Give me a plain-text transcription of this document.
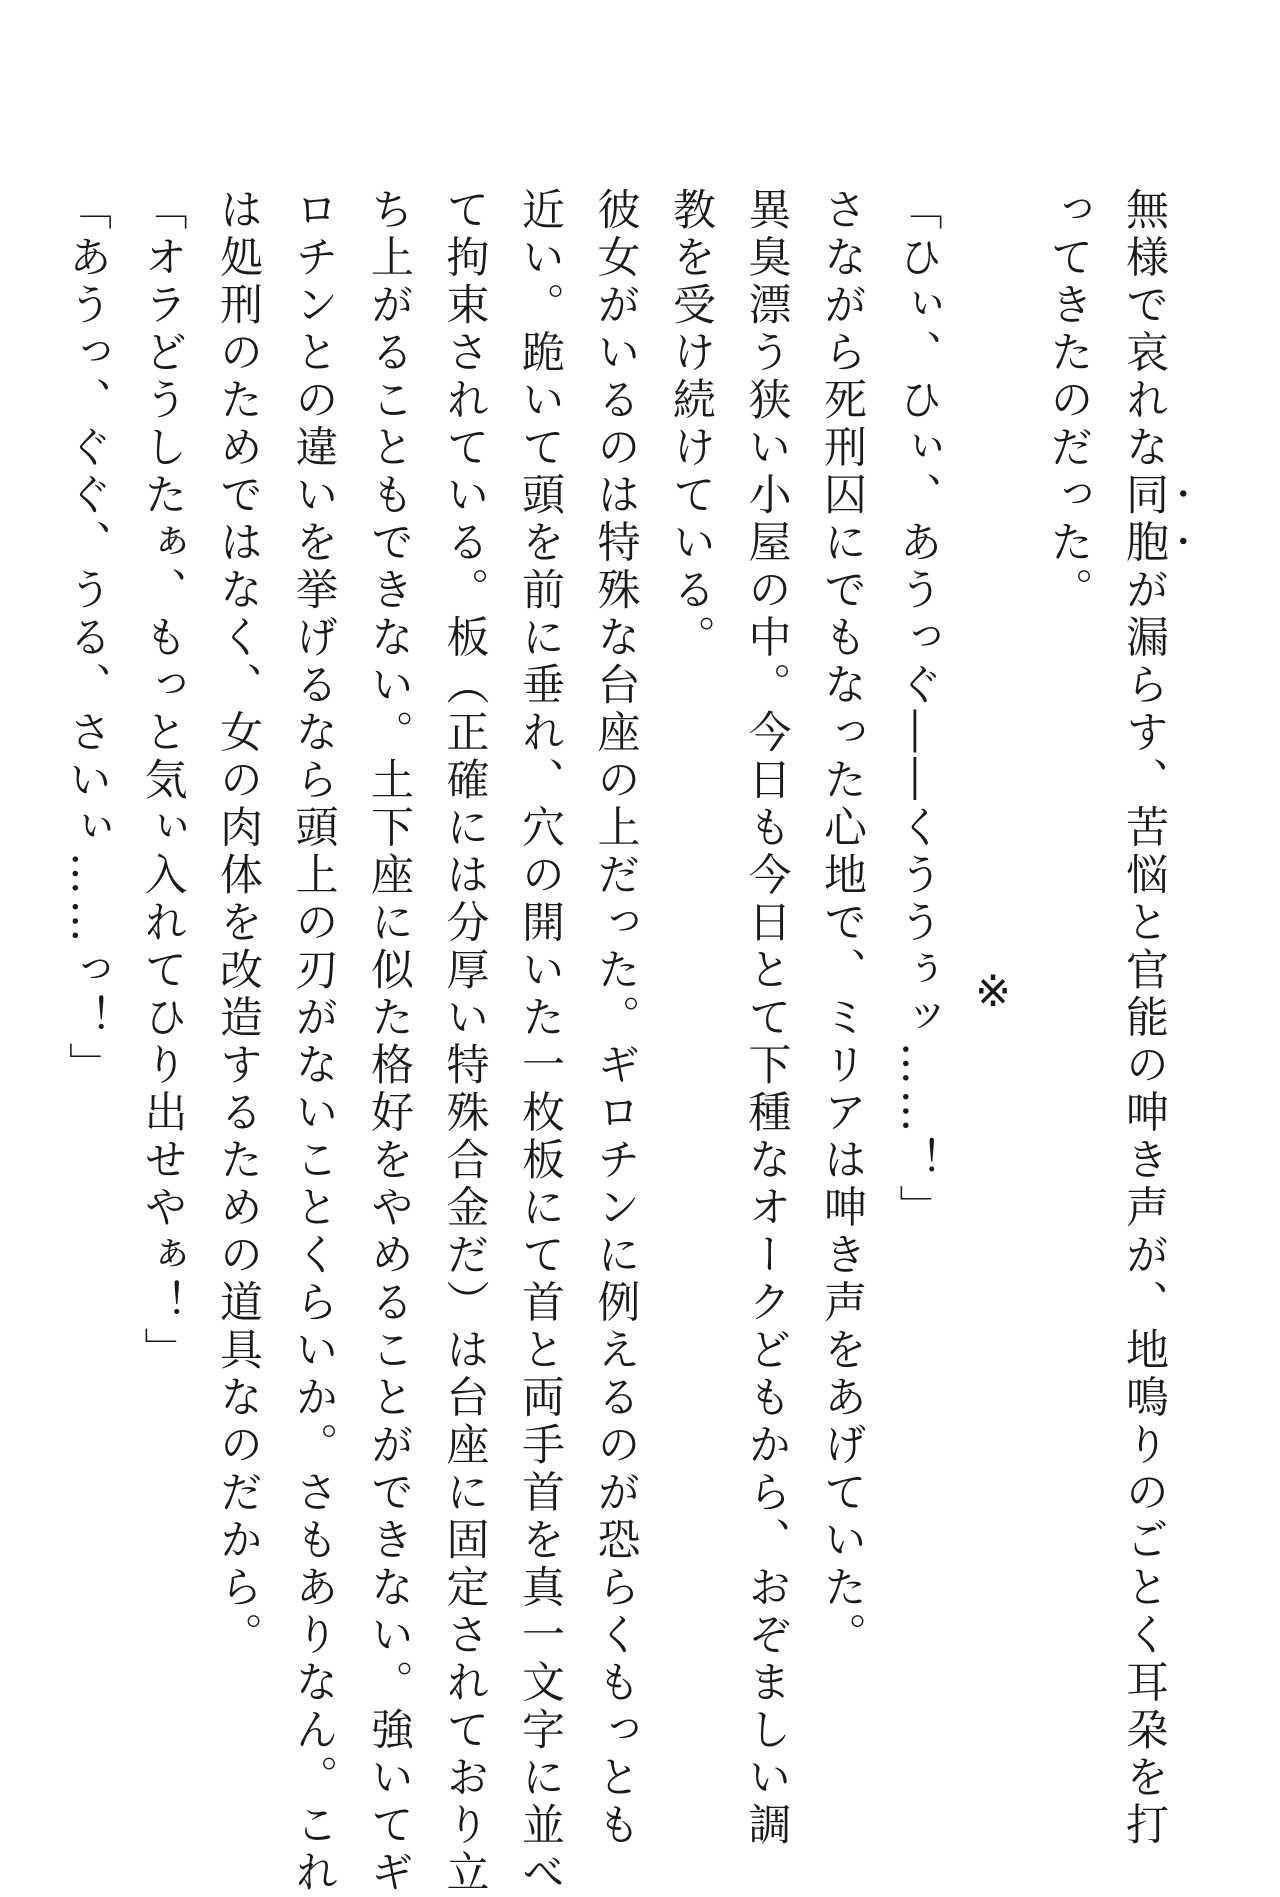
無様で哀れな同胞が漏らす、苦悩と官能の呻き声が、地鳴りのごとく耳朶を打
ってきたのだった。
※
「ひぃ、ひぃ、あうっぐ――くううぅッ……！」
さながら死刑囚にでもなった心地で、ミリアは呻き声をあげていた。
異臭漂う狭い小屋の中。今日も今日とて下種なオークどもから、おぞましい調
教を受け続けている。
彼女がいるのは特殊な台座の上だった。ギロチンに例えるのが恐らくもっとも
近い。跪いて頭を前に垂れ、穴の開いた一枚板にて首と両手首を真一文字に並べ
て拘束されている。板（正確には分厚い特殊合金だ）は台座に固定されており立
ち上がることもできない。土下座に似た格好をやめることができない。強いてギ
ロチンとの違いを挙げるなら頭上の刃がないことくらいか。さもありなん。これ
は処刑のためではなく、女の肉体を改造するための道具なのだから。
「オラどうしたぁ、もっと気ぃ入れてひり出せやぁ！」
「あうっ、ぐぐ、うる、さいぃ……っ！」
